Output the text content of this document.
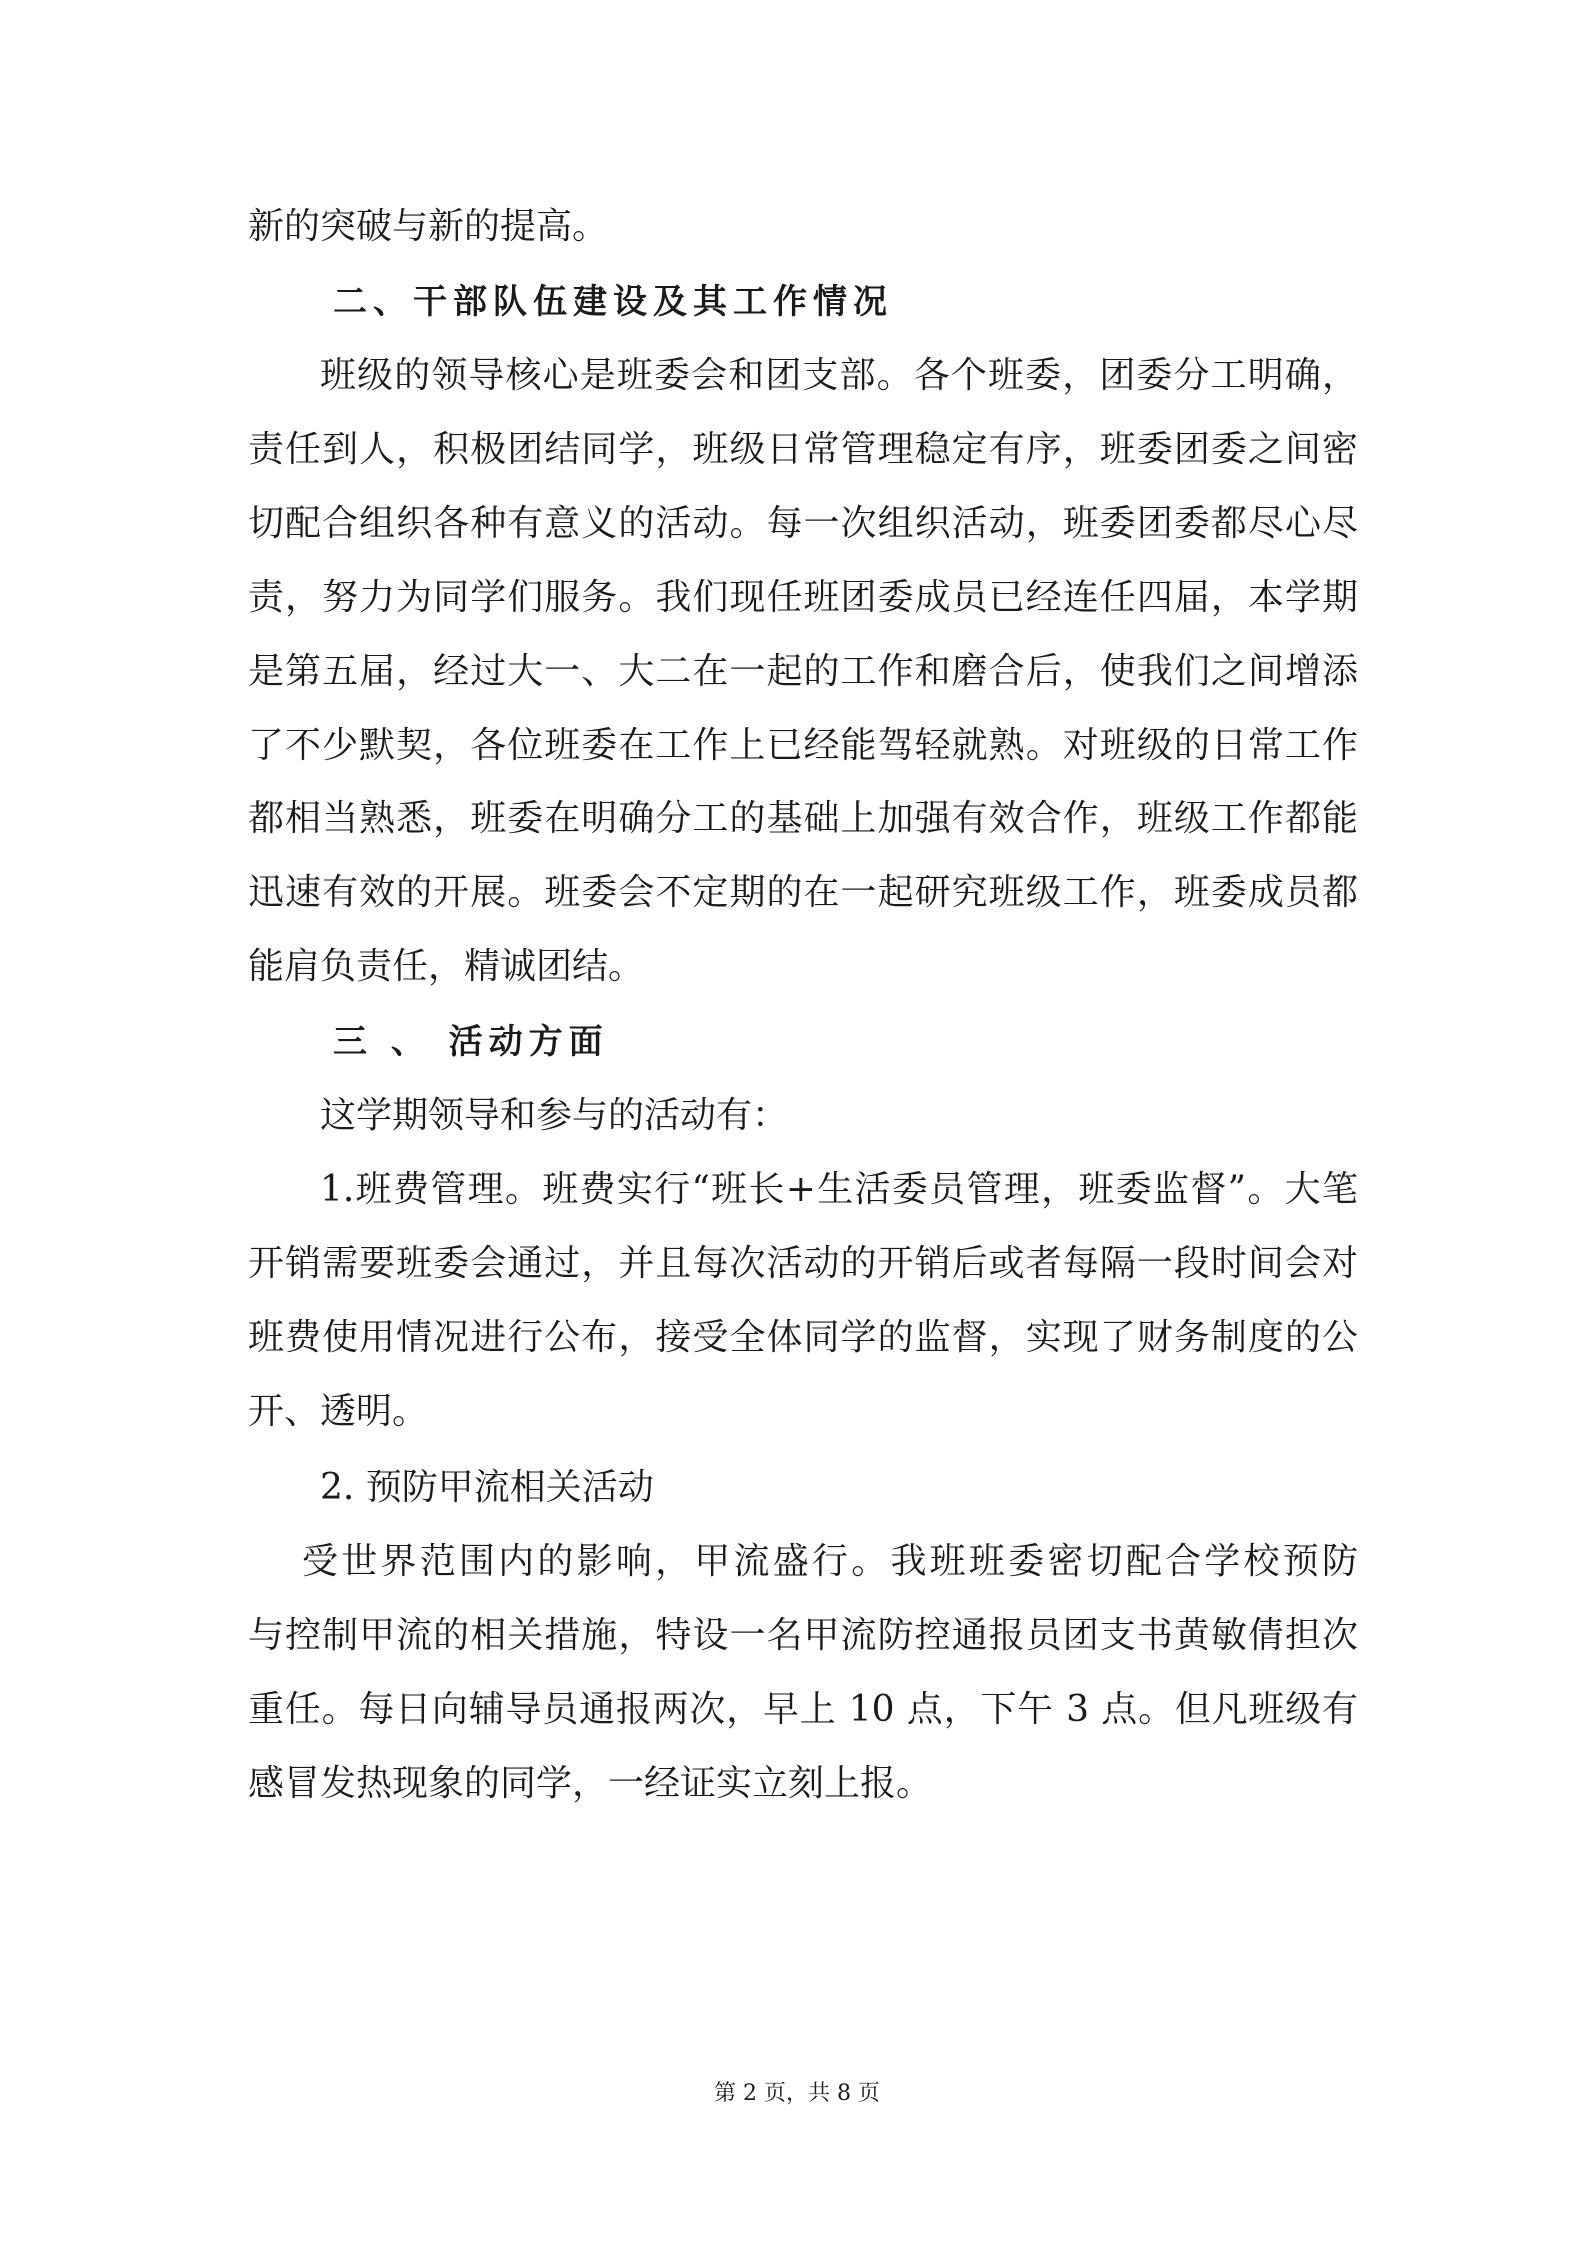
新的突破与新的提高。
二、干部队伍建设及其工作情况
班级的领导核心是班委会和团支部。各个班委，团委分工明确，
责任到人，积极团结同学，班级日常管理稳定有序，班委团委之间密
切配合组织各种有意义的活动。每一次组织活动，班委团委都尽心尽
责，努力为同学们服务。我们现任班团委成员已经连任四届，本学期
是第五届，经过大一、大二在一起的工作和磨合后，使我们之间增添
了不少默契，各位班委在工作上已经能驾轻就熟。对班级的日常工作
都相当熟悉，班委在明确分工的基础上加强有效合作，班级工作都能
迅速有效的开展。班委会不定期的在一起研究班级工作，班委成员都
能肩负责任，精诚团结。
三 、 活动方面
这学期领导和参与的活动有：
1.班费管理。班费实行“班长+生活委员管理，班委监督”。大笔
开销需要班委会通过，并且每次活动的开销后或者每隔一段时间会对
班费使用情况进行公布，接受全体同学的监督，实现了财务制度的公
开、透明。
2. 预防甲流相关活动
受世界范围内的影响，甲流盛行。我班班委密切配合学校预防
与控制甲流的相关措施，特设一名甲流防控通报员团支书黄敏倩担次
重任。每日向辅导员通报两次，早上 10 点，下午 3 点。但凡班级有
感冒发热现象的同学，一经证实立刻上报。
第 2 页，共 8 页
